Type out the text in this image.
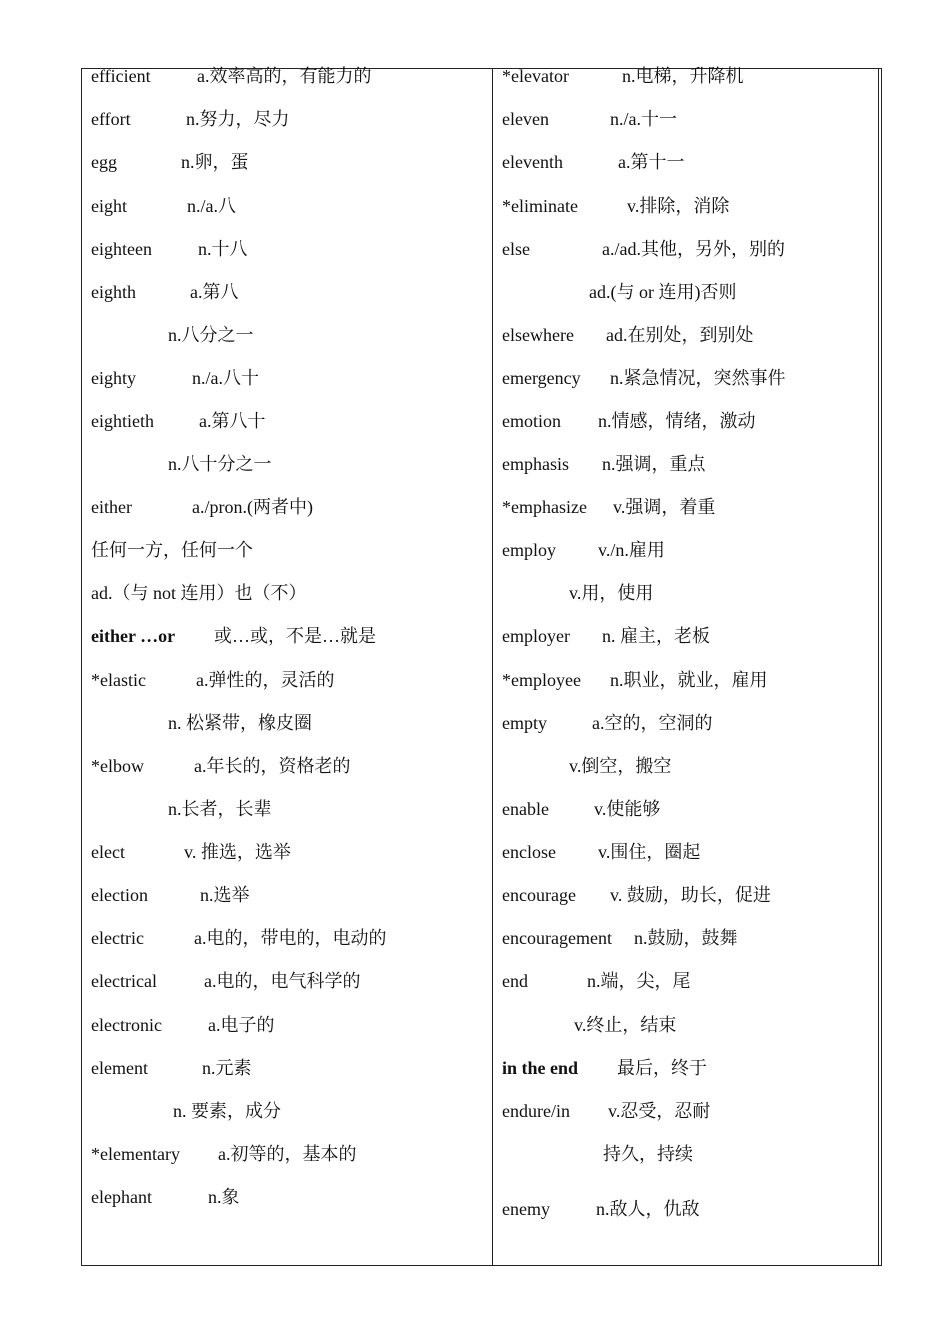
efficient	a.效率高的，有能力的
effort	n.努力，尽力
egg	n.卵，蛋
eight	n./a.八
eighteen	n.十八
eighth	a.第八
n.八分之一
eighty	n./a.八十
eightieth	a.第八十
n.八十分之一
either	a./pron.(两者中)
任何一方，任何一个
ad.（与 not 连用）也（不）
either …or 或…或，不是…就是
*elastic	a.弹性的，灵活的
n. 松紧带，橡皮圈
*elbow	a.年长的，资格老的
n.长者，长辈
elect	v. 推选，选举
election	n.选举
electric	a.电的，带电的，电动的
electrical	a.电的，电气科学的
electronic	a.电子的
element	n.元素
n. 要素，成分
*elementary a.初等的，基本的
elephant	n.象
*elevator	n.电梯，升降机
eleven	n./a.十一
eleventh	a.第十一
*eliminate	v.排除，消除
else	a./ad.其他，另外，别的
ad.(与 or 连用)否则
elsewhere ad.在别处，到别处
emergency n.紧急情况，突然事件
emotion n.情感，情绪，激动
emphasis n.强调，重点
*emphasize v.强调，着重
employ v./n.雇用
v.用，使用
employer n. 雇主，老板
*employee n.职业，就业，雇用
empty	a.空的，空洞的
v.倒空，搬空
enable	v.使能够
enclose v.围住，圈起
encourage v. 鼓励，助长，促进
encouragement n.鼓励，鼓舞
end	n.端，尖，尾
v.终止，结束
in the end 最后，终于
endure/in v.忍受，忍耐
持久，持续
enemy	n.敌人，仇敌
